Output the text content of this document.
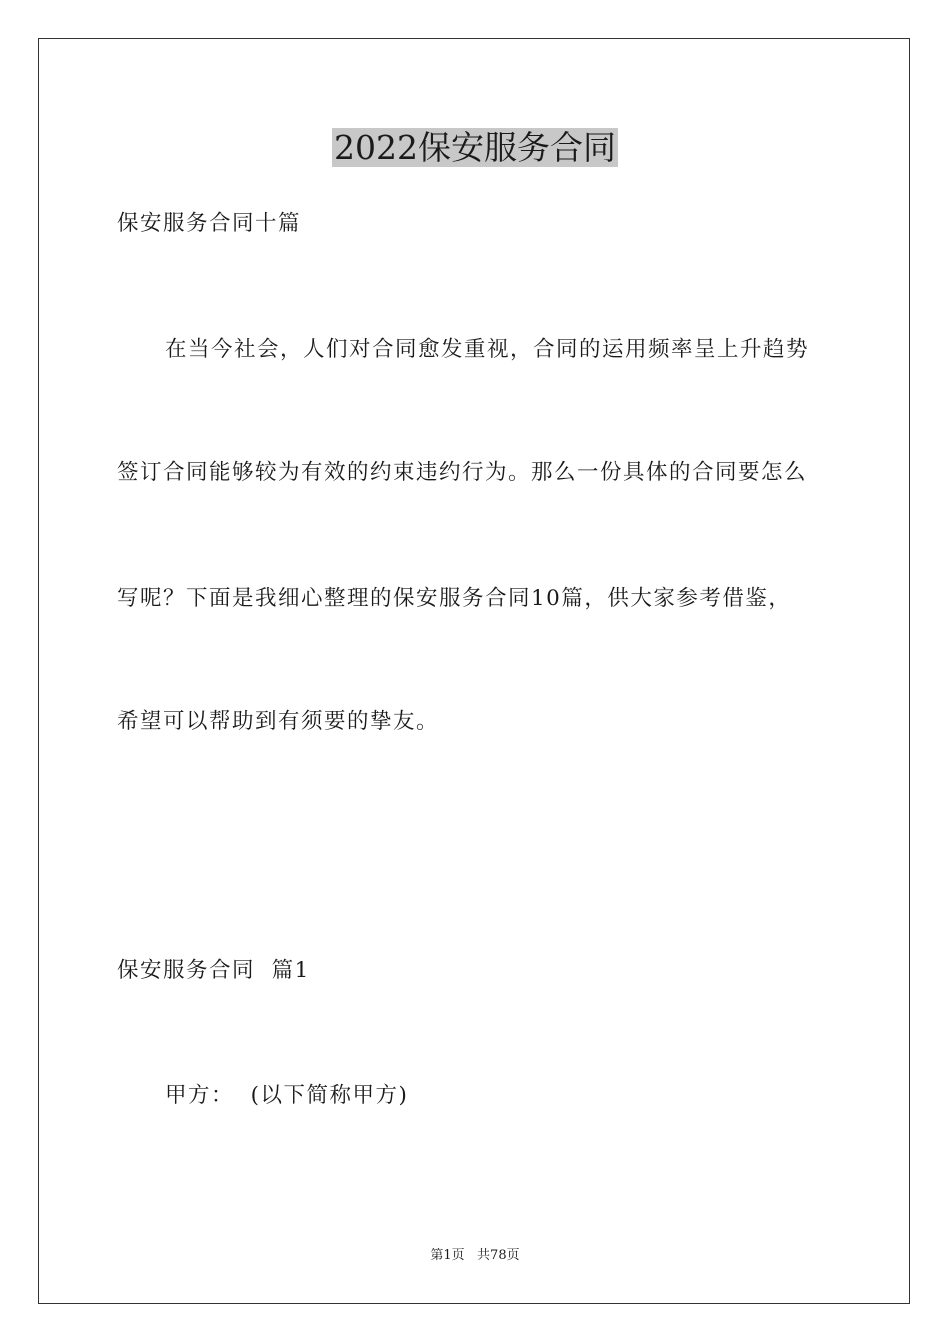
2022保安服务合同
保安服务合同十篇
在当今社会，人们对合同愈发重视，合同的运用频率呈上升趋势
签订合同能够较为有效的约束违约行为。那么一份具体的合同要怎么
写呢？下面是我细心整理的保安服务合同10篇，供大家参考借鉴，
希望可以帮助到有须要的挚友。
保安服务合同  篇1
甲方：  (以下简称甲方)
第1页   共78页
